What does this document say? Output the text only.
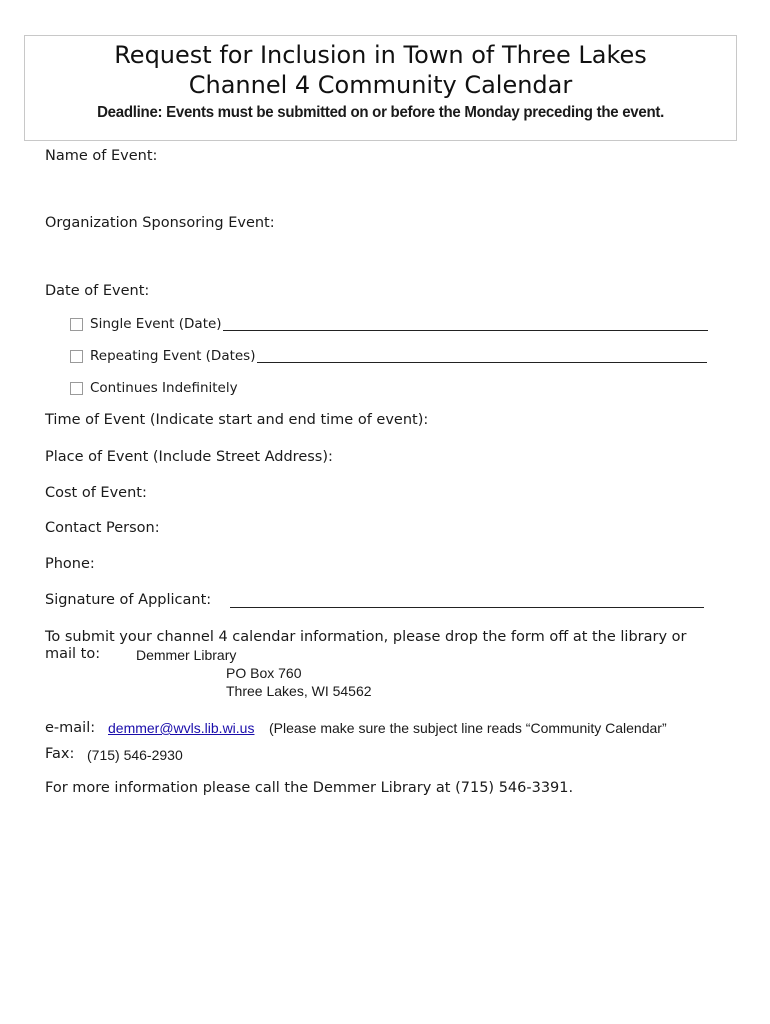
Request for Inclusion in Town of Three Lakes
Channel 4 Community Calendar
Deadline: Events must be submitted on or before the Monday preceding the event.
Name of Event:
Organization Sponsoring Event:
Date of Event:
Single Event (Date)
Repeating Event (Dates)
Continues Indefinitely
Time of Event (Indicate start and end time of event):
Place of Event (Include Street Address):
Cost of Event:
Contact Person:
Phone:
Signature of Applicant:
To submit your channel 4 calendar information, please drop the form off at the library or
mail to:	Demmer Library
PO Box 760
Three Lakes, WI 54562
e-mail: demmer@wvls.lib.wi.us (Please make sure the subject line reads “Community Calendar”
Fax: (715) 546-2930
For more information please call the Demmer Library at (715) 546-3391.
